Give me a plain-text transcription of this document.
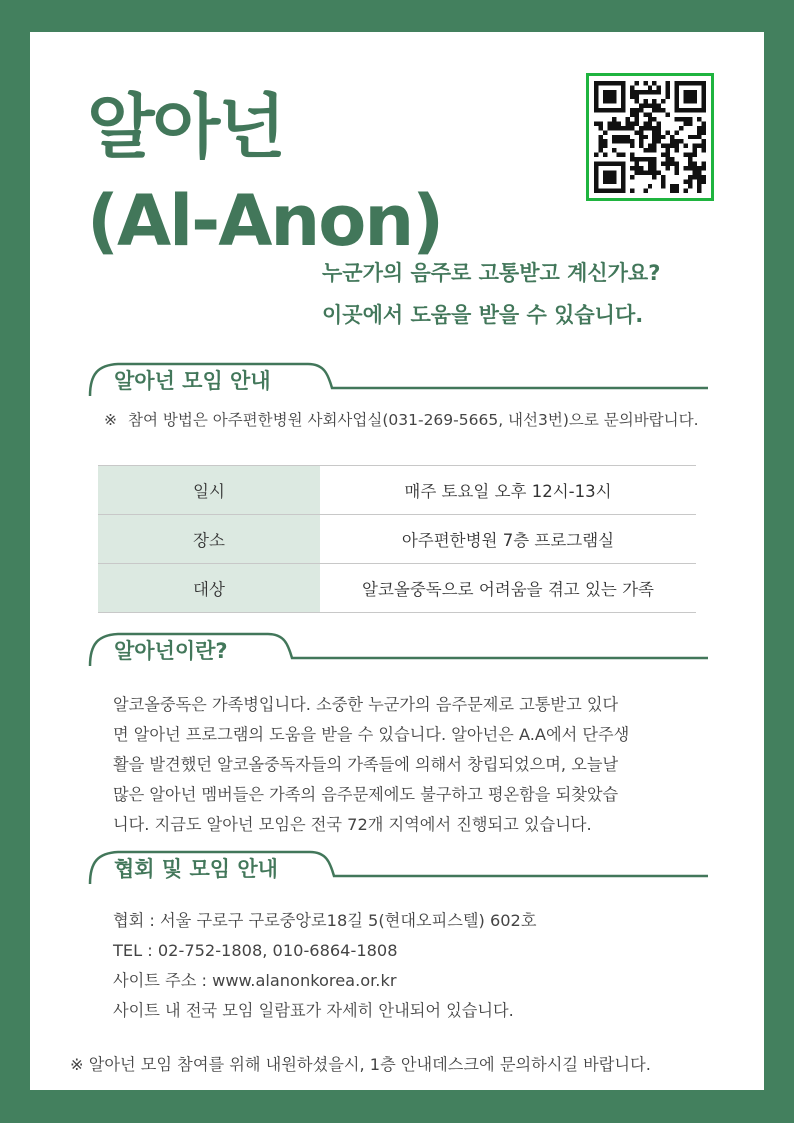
알아넌
(Al-Anon)

누군가의 음주로 고통받고 계신가요?
이곳에서 도움을 받을 수 있습니다.

알아넌 모임 안내
※ 참여 방법은 아주편한병원 사회사업실(031-269-5665, 내선3번)으로 문의바랍니다.
일시	매주 토요일 오후 12시-13시
장소	아주편한병원 7층 프로그램실
대상	알코올중독으로 어려움을 겪고 있는 가족
알아넌이란?

알코올중독은 가족병입니다. 소중한 누군가의 음주문제로 고통받고 있다
면 알아넌 프로그램의 도움을 받을 수 있습니다. 알아넌은 A.A에서 단주생
활을 발견했던 알코올중독자들의 가족들에 의해서 창립되었으며, 오늘날
많은 알아넌 멤버들은 가족의 음주문제에도 불구하고 평온함을 되찾았습
니다. 지금도 알아넌 모임은 전국 72개 지역에서 진행되고 있습니다.

협회 및 모임 안내

협회 : 서울 구로구 구로중앙로18길 5(현대오피스텔) 602호
TEL : 02-752-1808, 010-6864-1808
사이트 주소 : www.alanonkorea.or.kr
사이트 내 전국 모임 일람표가 자세히 안내되어 있습니다.

※ 알아넌 모임 참여를 위해 내원하셨을시, 1층 안내데스크에 문의하시길 바랍니다.
